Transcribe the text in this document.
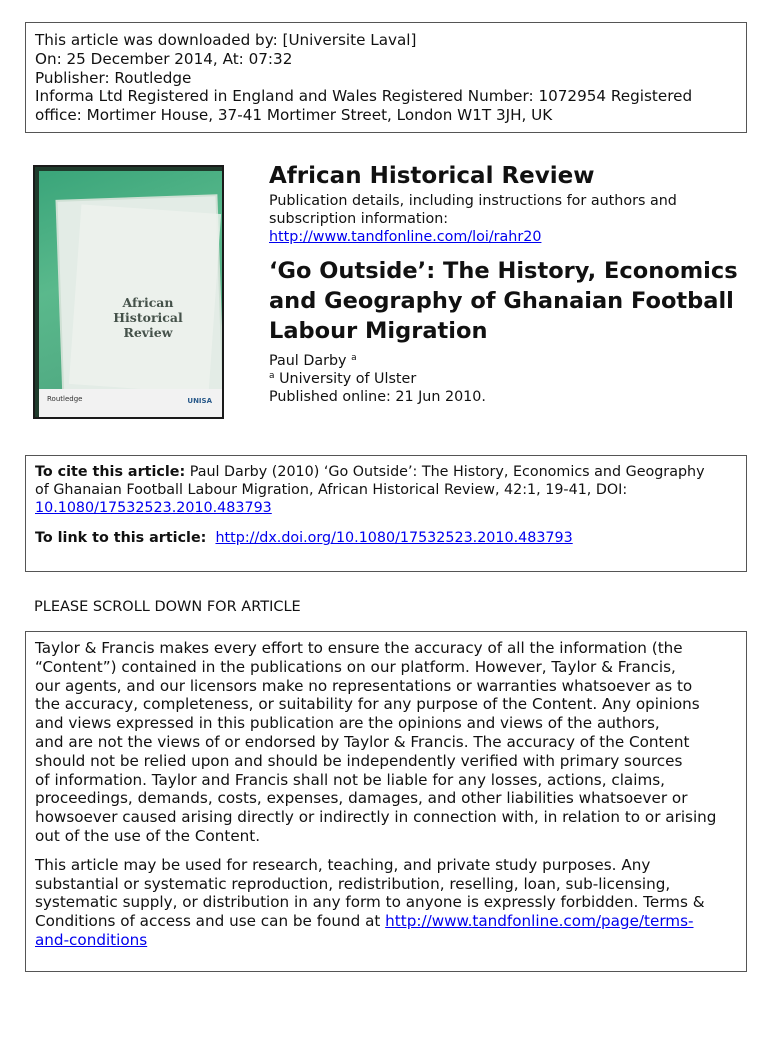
This article was downloaded by: [Universite Laval]
On: 25 December 2014, At: 07:32
Publisher: Routledge
Informa Ltd Registered in England and Wales Registered Number: 1072954 Registered
office: Mortimer House, 37-41 Mortimer Street, London W1T 3JH, UK
African
Historical
Review
Routledge	UNISA
African Historical Review
Publication details, including instructions for authors and
subscription information:
http://www.tandfonline.com/loi/rahr20
‘Go Outside’: The History, Economics
and Geography of Ghanaian Football
Labour Migration
Paul Darby $^a$
$^a$ University of Ulster
Published online: 21 Jun 2010.
To cite this article: Paul Darby (2010) ‘Go Outside’: The History, Economics and Geography
of Ghanaian Football Labour Migration, African Historical Review, 42:1, 19-41, DOI:
10.1080/17532523.2010.483793
To link to this article: http://dx.doi.org/10.1080/17532523.2010.483793
PLEASE SCROLL DOWN FOR ARTICLE

Taylor & Francis makes every effort to ensure the accuracy of all the information (the
“Content”) contained in the publications on our platform. However, Taylor & Francis,
our agents, and our licensors make no representations or warranties whatsoever as to
the accuracy, completeness, or suitability for any purpose of the Content. Any opinions
and views expressed in this publication are the opinions and views of the authors,
and are not the views of or endorsed by Taylor & Francis. The accuracy of the Content
should not be relied upon and should be independently verified with primary sources
of information. Taylor and Francis shall not be liable for any losses, actions, claims,
proceedings, demands, costs, expenses, damages, and other liabilities whatsoever or
howsoever caused arising directly or indirectly in connection with, in relation to or arising
out of the use of the Content.

This article may be used for research, teaching, and private study purposes. Any
substantial or systematic reproduction, redistribution, reselling, loan, sub-licensing,
systematic supply, or distribution in any form to anyone is expressly forbidden. Terms &
Conditions of access and use can be found at http://www.tandfonline.com/page/terms-
and-conditions
